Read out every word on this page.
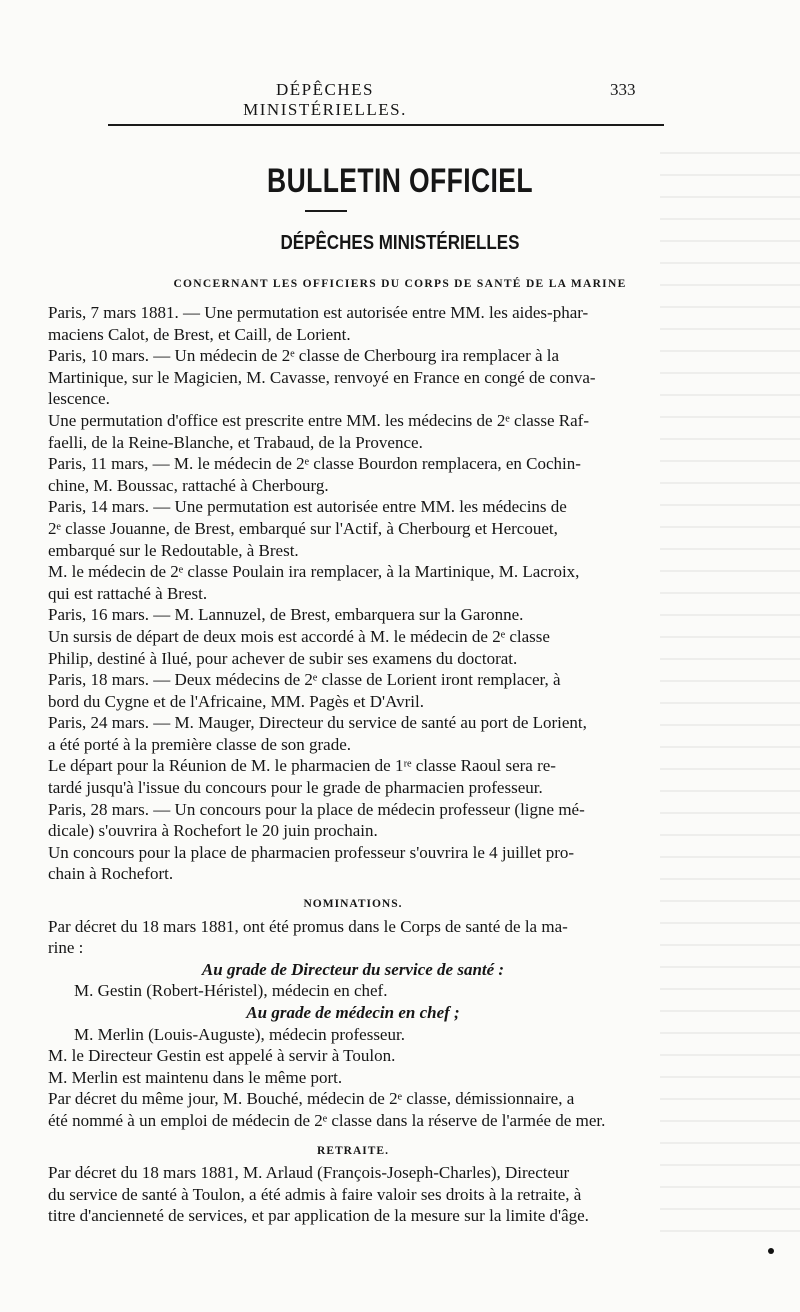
DÉPÊCHES MINISTÉRIELLES.
333
BULLETIN OFFICIEL
DÉPÊCHES MINISTÉRIELLES
CONCERNANT LES OFFICIERS DU CORPS DE SANTÉ DE LA MARINE
Paris, 7 mars 1881. — Une permutation est autorisée entre MM. les aides-phar-
maciens Calot, de Brest, et Caill, de Lorient.
Paris, 10 mars. — Un médecin de 2ᵉ classe de Cherbourg ira remplacer à la
Martinique, sur le Magicien, M. Cavasse, renvoyé en France en congé de conva-
lescence.
Une permutation d'office est prescrite entre MM. les médecins de 2ᵉ classe Raf-
faelli, de la Reine-Blanche, et Trabaud, de la Provence.
Paris, 11 mars, — M. le médecin de 2ᵉ classe Bourdon remplacera, en Cochin-
chine, M. Boussac, rattaché à Cherbourg.
Paris, 14 mars. — Une permutation est autorisée entre MM. les médecins de
2ᵉ classe Jouanne, de Brest, embarqué sur l'Actif, à Cherbourg et Hercouet,
embarqué sur le Redoutable, à Brest.
M. le médecin de 2ᵉ classe Poulain ira remplacer, à la Martinique, M. Lacroix,
qui est rattaché à Brest.
Paris, 16 mars. — M. Lannuzel, de Brest, embarquera sur la Garonne.
Un sursis de départ de deux mois est accordé à M. le médecin de 2ᵉ classe
Philip, destiné à Ilué, pour achever de subir ses examens du doctorat.
Paris, 18 mars. — Deux médecins de 2ᵉ classe de Lorient iront remplacer, à
bord du Cygne et de l'Africaine, MM. Pagès et D'Avril.
Paris, 24 mars. — M. Mauger, Directeur du service de santé au port de Lorient,
a été porté à la première classe de son grade.
Le départ pour la Réunion de M. le pharmacien de 1ʳᵉ classe Raoul sera re-
tardé jusqu'à l'issue du concours pour le grade de pharmacien professeur.
Paris, 28 mars. — Un concours pour la place de médecin professeur (ligne mé-
dicale) s'ouvrira à Rochefort le 20 juin prochain.
Un concours pour la place de pharmacien professeur s'ouvrira le 4 juillet pro-
chain à Rochefort.
NOMINATIONS.
Par décret du 18 mars 1881, ont été promus dans le Corps de santé de la ma-
rine :
Au grade de Directeur du service de santé :
M. Gestin (Robert-Héristel), médecin en chef.
Au grade de médecin en chef ;
M. Merlin (Louis-Auguste), médecin professeur.
M. le Directeur Gestin est appelé à servir à Toulon.
M. Merlin est maintenu dans le même port.
Par décret du même jour, M. Bouché, médecin de 2ᵉ classe, démissionnaire, a
été nommé à un emploi de médecin de 2ᵉ classe dans la réserve de l'armée de mer.
RETRAITE.
Par décret du 18 mars 1881, M. Arlaud (François-Joseph-Charles), Directeur
du service de santé à Toulon, a été admis à faire valoir ses droits à la retraite, à
titre d'ancienneté de services, et par application de la mesure sur la limite d'âge.
